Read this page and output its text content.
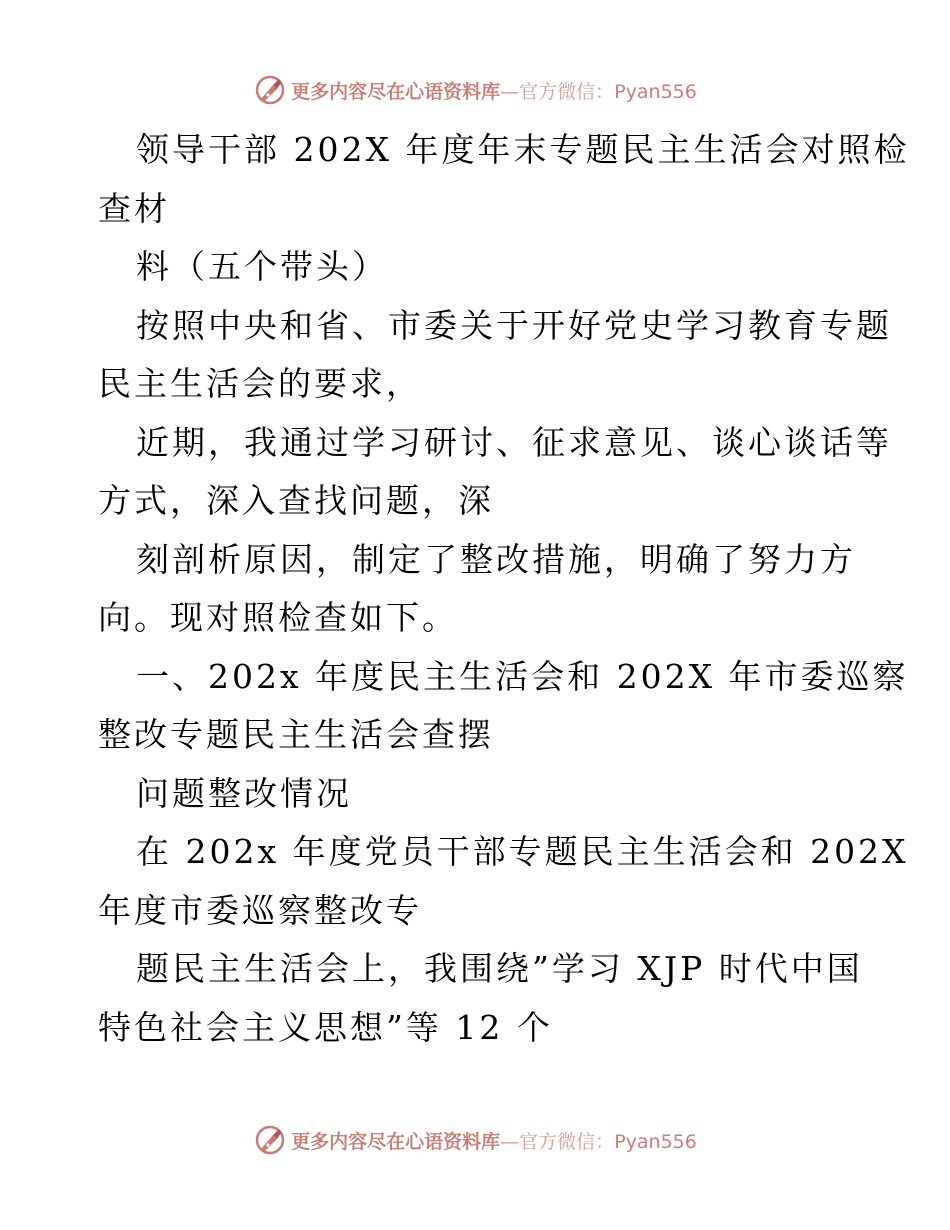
更多内容尽在心语资料库—官方微信：Pyan556
领导干部 202X 年度年末专题民主生活会对照检
查材
料（五个带头）
按照中央和省、市委关于开好党史学习教育专题
民主生活会的要求，
近期，我通过学习研讨、征求意见、谈心谈话等
方式，深入查找问题，深
刻剖析原因，制定了整改措施，明确了努力方
向。现对照检查如下。
一、202x 年度民主生活会和 202X 年市委巡察
整改专题民主生活会查摆
问题整改情况
在 202x 年度党员干部专题民主生活会和 202X
年度市委巡察整改专
题民主生活会上，我围绕”学习 XJP 时代中国
特色社会主义思想”等 12 个
更多内容尽在心语资料库—官方微信：Pyan556
